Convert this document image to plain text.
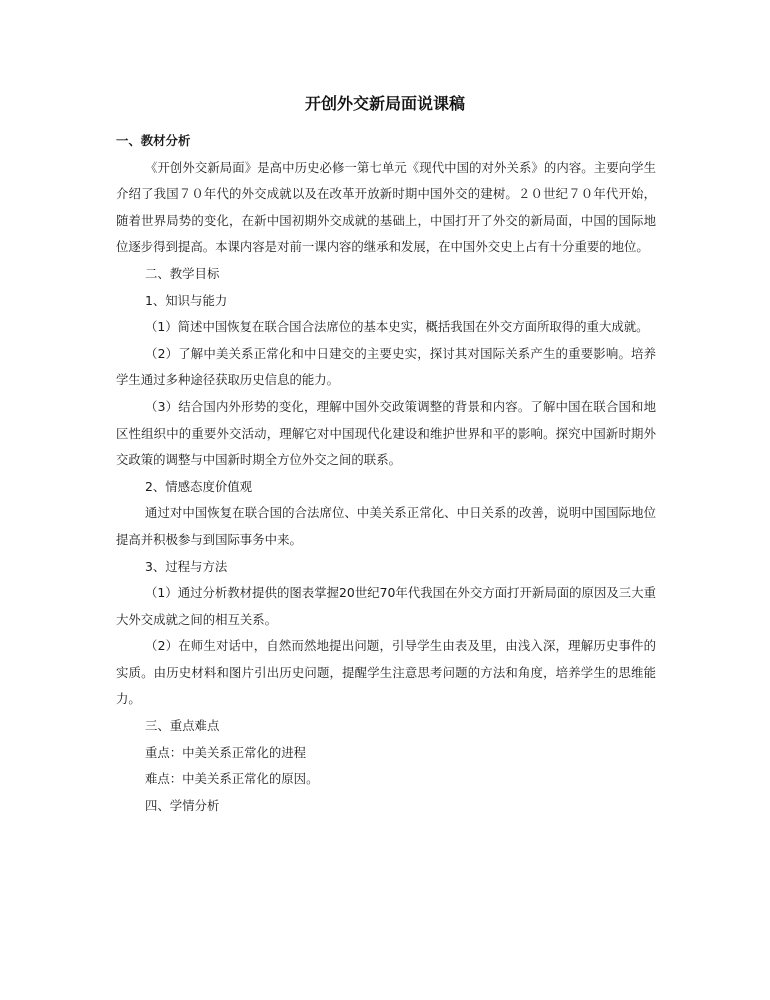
开创外交新局面说课稿

一、教材分析

《开创外交新局面》是高中历史必修一第七单元《现代中国的对外关系》的内容。主要向学生介绍了我国７０年代的外交成就以及在改革开放新时期中国外交的建树。２０世纪７０年代开始，随着世界局势的变化，在新中国初期外交成就的基础上，中国打开了外交的新局面，中国的国际地位逐步得到提高。本课内容是对前一课内容的继承和发展，在中国外交史上占有十分重要的地位。

二、教学目标

1、知识与能力

（1）简述中国恢复在联合国合法席位的基本史实，概括我国在外交方面所取得的重大成就。

（2）了解中美关系正常化和中日建交的主要史实，探讨其对国际关系产生的重要影响。培养学生通过多种途径获取历史信息的能力。

（3）结合国内外形势的变化，理解中国外交政策调整的背景和内容。了解中国在联合国和地区性组织中的重要外交活动，理解它对中国现代化建设和维护世界和平的影响。探究中国新时期外交政策的调整与中国新时期全方位外交之间的联系。

2、情感态度价值观

通过对中国恢复在联合国的合法席位、中美关系正常化、中日关系的改善，说明中国国际地位提高并积极参与到国际事务中来。

3、过程与方法

（1）通过分析教材提供的图表掌握20世纪70年代我国在外交方面打开新局面的原因及三大重大外交成就之间的相互关系。

（2）在师生对话中，自然而然地提出问题，引导学生由表及里，由浅入深，理解历史事件的实质。由历史材料和图片引出历史问题，提醒学生注意思考问题的方法和角度，培养学生的思维能力。

三、重点难点

重点：中美关系正常化的进程

难点：中美关系正常化的原因。

四、学情分析
